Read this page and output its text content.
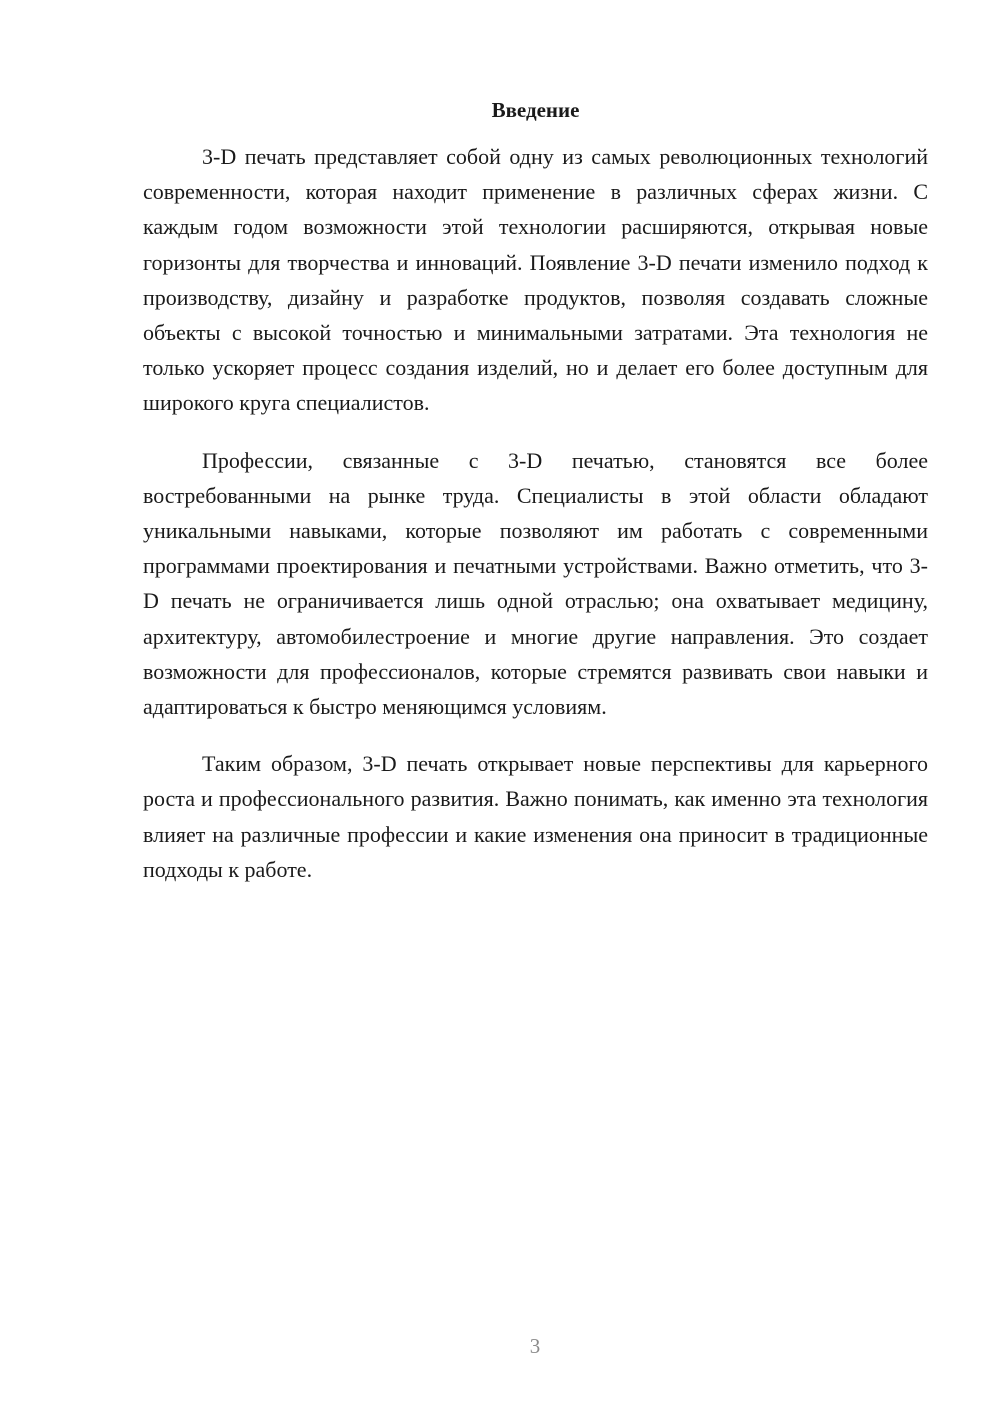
Введение

3-D печать представляет собой одну из самых революционных технологий современности, которая находит применение в различных сферах жизни. С каждым годом возможности этой технологии расширяются, открывая новые горизонты для творчества и инноваций. Появление 3-D печати изменило подход к производству, дизайну и разработке продуктов, позволяя создавать сложные объекты с высокой точностью и минимальными затратами. Эта технология не только ускоряет процесс создания изделий, но и делает его более доступным для широкого круга специалистов.

Профессии, связанные с 3-D печатью, становятся все более востребованными на рынке труда. Специалисты в этой области обладают уникальными навыками, которые позволяют им работать с современными программами проектирования и печатными устройствами. Важно отметить, что 3-D печать не ограничивается лишь одной отраслью; она охватывает медицину, архитектуру, автомобилестроение и многие другие направления. Это создает возможности для профессионалов, которые стремятся развивать свои навыки и адаптироваться к быстро меняющимся условиям.

Таким образом, 3-D печать открывает новые перспективы для карьерного роста и профессионального развития. Важно понимать, как именно эта технология влияет на различные профессии и какие изменения она приносит в традиционные подходы к работе.

3
